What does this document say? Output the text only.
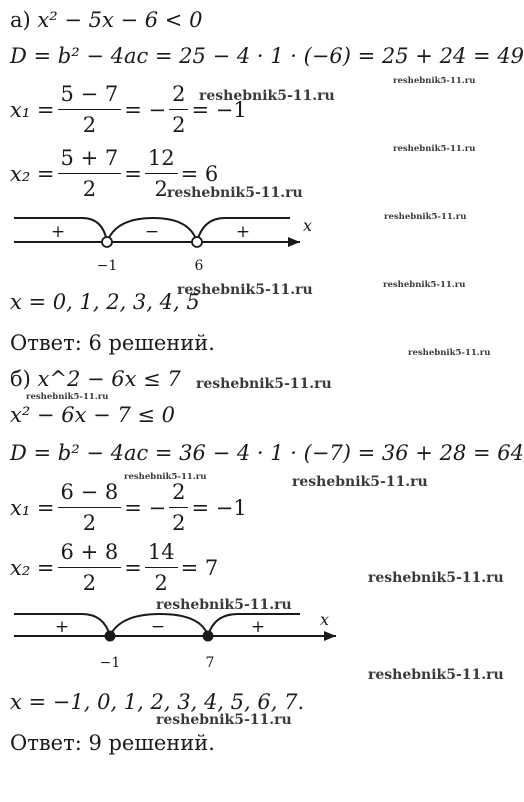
а) x² − 5x − 6 < 0
D = b² − 4ac = 25 − 4 · 1 · (−6) = 25 + 24 = 49
$x_1 = \frac{5 - 7}{2}$ = − $\frac{2}{2} = -1$
$x_2 = \frac{5 + 7}{2} = \frac{12}{2} = 6$
x
+	−	+
−1	6
x = 0, 1, 2, 3, 4, 5
Ответ: 6 решений.
б) x^2 − 6x ≤ 7
x² − 6x − 7 ≤ 0
D = b² − 4ac = 36 − 4 · 1 · (−7) = 36 + 28 = 64
$x_1 = \frac{6 - 8}{2}$ = − $\frac{2}{2} = -1$
$x_2 = \frac{6 + 8}{2} = \frac{14}{2} = 7$
x
+	−	+
−1	7
x = −1, 0, 1, 2, 3, 4, 5, 6, 7.
Ответ: 9 решений.
reshebnik5-11.ru
reshebnik5-11.ru
reshebnik5-11.ru
reshebnik5-11.ru
reshebnik5-11.ru
reshebnik5-11.ru	reshebnik5-11.ru
reshebnik5-11.ru
reshebnik5-11.ru
reshebnik5-11.ru
reshebnik5-11.ru	reshebnik5-11.ru
reshebnik5-11.ru
reshebnik5-11.ru
reshebnik5-11.ru
reshebnik5-11.ru
